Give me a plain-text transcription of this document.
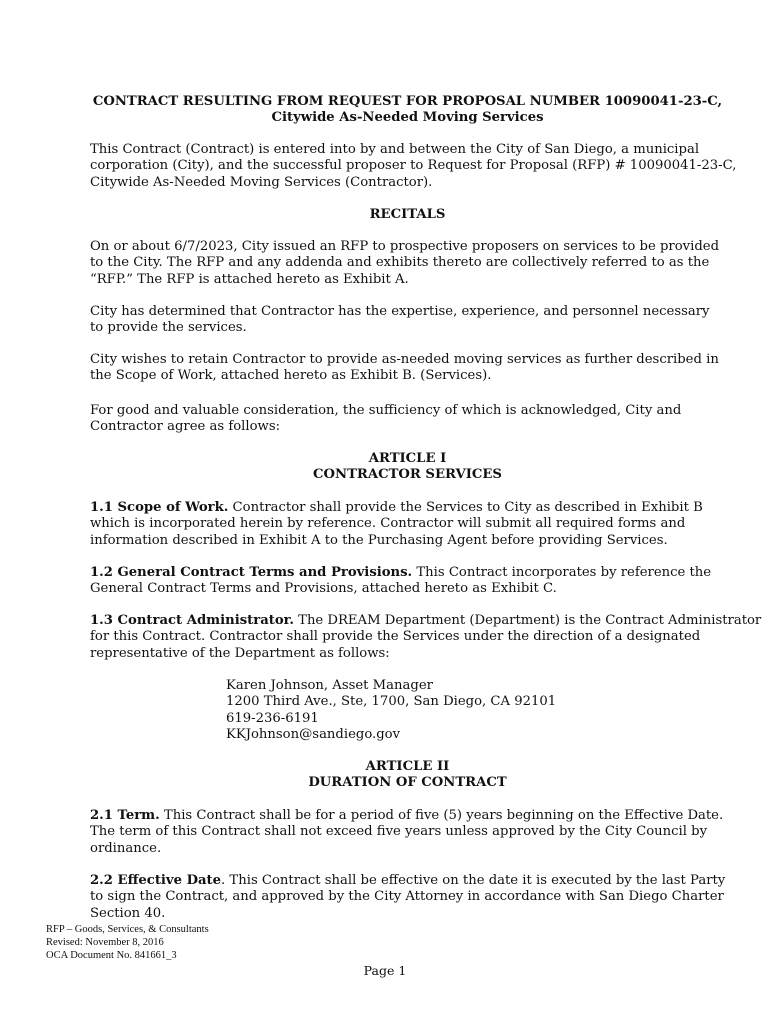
CONTRACT RESULTING FROM REQUEST FOR PROPOSAL NUMBER 10090041-23-C,
Citywide As-Needed Moving Services
This Contract (Contract) is entered into by and between the City of San Diego, a municipal
corporation (City), and the successful proposer to Request for Proposal (RFP) # 10090041-23-C,
Citywide As-Needed Moving Services (Contractor).
RECITALS
On or about 6/7/2023, City issued an RFP to prospective proposers on services to be provided
to the City. The RFP and any addenda and exhibits thereto are collectively referred to as the
“RFP.” The RFP is attached hereto as Exhibit A.
City has determined that Contractor has the expertise, experience, and personnel necessary
to provide the services.
City wishes to retain Contractor to provide as-needed moving services as further described in
the Scope of Work, attached hereto as Exhibit B. (Services).
For good and valuable consideration, the sufficiency of which is acknowledged, City and
Contractor agree as follows:
ARTICLE I
CONTRACTOR SERVICES
1.1 Scope of Work. Contractor shall provide the Services to City as described in Exhibit B
which is incorporated herein by reference. Contractor will submit all required forms and
information described in Exhibit A to the Purchasing Agent before providing Services.
1.2 General Contract Terms and Provisions. This Contract incorporates by reference the
General Contract Terms and Provisions, attached hereto as Exhibit C.
1.3 Contract Administrator. The DREAM Department (Department) is the Contract Administrator
for this Contract. Contractor shall provide the Services under the direction of a designated
representative of the Department as follows:
Karen Johnson, Asset Manager
1200 Third Ave., Ste, 1700, San Diego, CA 92101
619-236-6191
KKJohnson@sandiego.gov
ARTICLE II
DURATION OF CONTRACT
2.1 Term. This Contract shall be for a period of five (5) years beginning on the Effective Date.
The term of this Contract shall not exceed five years unless approved by the City Council by
ordinance.
2.2 Effective Date. This Contract shall be effective on the date it is executed by the last Party
to sign the Contract, and approved by the City Attorney in accordance with San Diego Charter
Section 40.
RFP – Goods, Services, & Consultants
Revised: November 8, 2016
OCA Document No. 841661_3
Page 1
